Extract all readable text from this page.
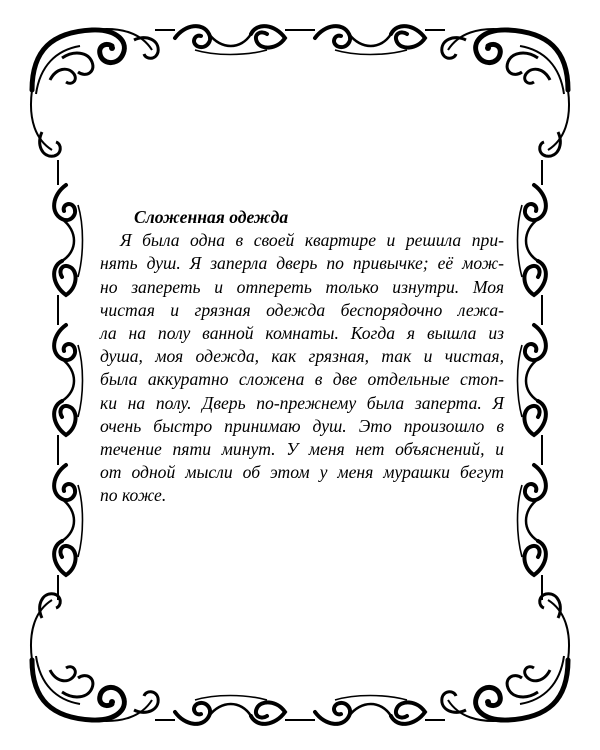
Сложенная одежда
Я была одна в своей квартире и решила при-
нять душ. Я заперла дверь по привычке; её мож-
но запереть и отпереть только изнутри. Моя
чистая и грязная одежда беспорядочно лежа-
ла на полу ванной комнаты. Когда я вышла из
душа, моя одежда, как грязная, так и чистая,
была аккуратно сложена в две отдельные стоп-
ки на полу. Дверь по-прежнему была заперта. Я
очень быстро принимаю душ. Это произошло в
течение пяти минут. У меня нет объяснений, и
от одной мысли об этом у меня мурашки бегут
по коже.
